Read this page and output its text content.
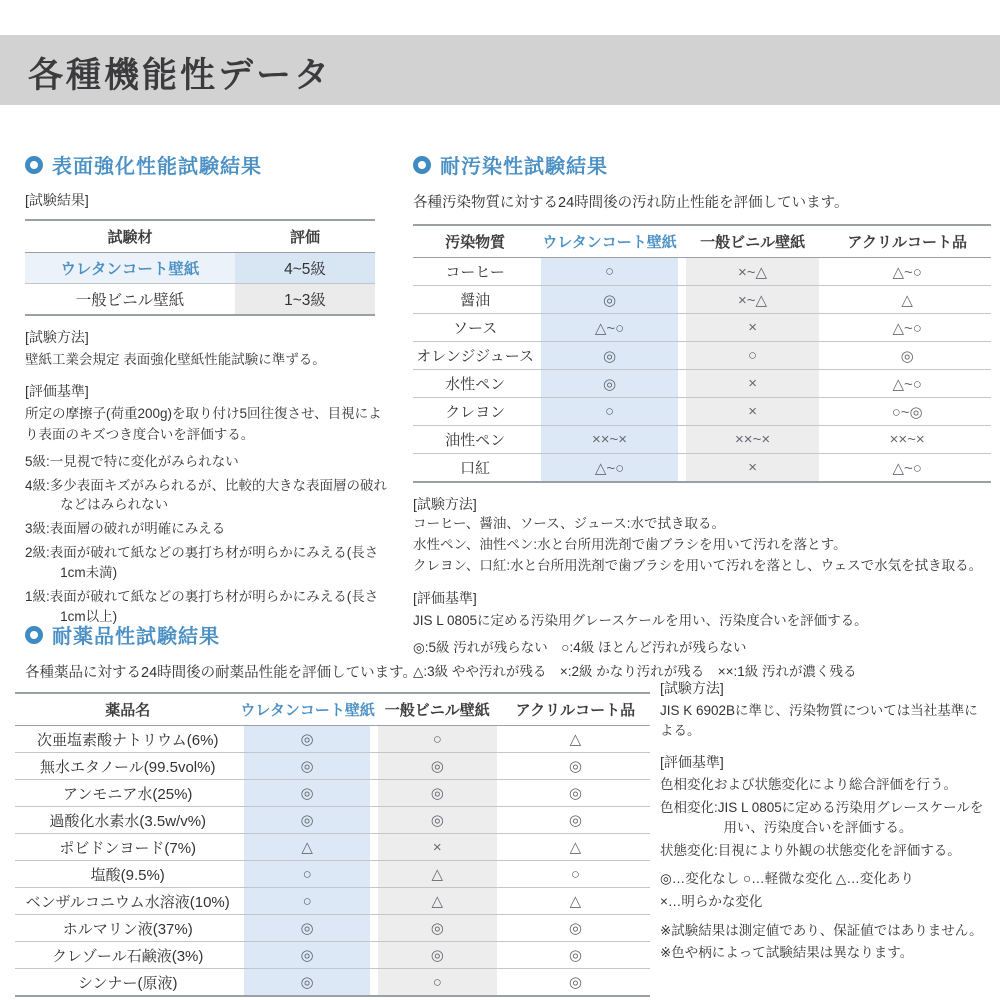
各種機能性データ
表面強化性能試験結果
[試験結果]
試験材	評価
ウレタンコート壁紙	4~5級
一般ビニル壁紙	1~3級
[試験方法]
壁紙工業会規定 表面強化壁紙性能試験に準ずる。
[評価基準]
所定の摩擦子(荷重200g)を取り付け5回往復させ、目視により表面のキズつき度合いを評価する。
5級:一見視で特に変化がみられない
4級:多少表面キズがみられるが、比較的大きな表面層の破れなどはみられない
3級:表面層の破れが明確にみえる
2級:表面が破れて紙などの裏打ち材が明らかにみえる(長さ1cm未満)
1級:表面が破れて紙などの裏打ち材が明らかにみえる(長さ1cm以上)
耐汚染性試験結果
各種汚染物質に対する24時間後の汚れ防止性能を評価しています。
汚染物質	ウレタンコート壁紙	一般ビニル壁紙	アクリルコート品
コーヒー	○	×~△	△~○
醤油	◎	×~△	△
ソース	△~○	×	△~○
オレンジジュース	◎	○	◎
水性ペン	◎	×	△~○
クレヨン	○	×	○~◎
油性ペン	××~×	××~×	××~×
口紅	△~○	×	△~○
[試験方法]
コーヒー、醤油、ソース、ジュース:水で拭き取る。
水性ペン、油性ペン:水と台所用洗剤で歯ブラシを用いて汚れを落とす。
クレヨン、口紅:水と台所用洗剤で歯ブラシを用いて汚れを落とし、ウェスで水気を拭き取る。
[評価基準]
JIS L 0805に定める汚染用グレースケールを用い、汚染度合いを評価する。
◎:5級 汚れが残らない　○:4級 ほとんど汚れが残らない
△:3級 やや汚れが残る　×:2級 かなり汚れが残る　××:1級 汚れが濃く残る
耐薬品性試験結果
各種薬品に対する24時間後の耐薬品性能を評価しています。
薬品名	ウレタンコート壁紙	一般ビニル壁紙	アクリルコート品
次亜塩素酸ナトリウム(6%)	◎	○	△
無水エタノール(99.5vol%)	◎	◎	◎
アンモニア水(25%)	◎	◎	◎
過酸化水素水(3.5w/v%)	◎	◎	◎
ポビドンヨード(7%)	△	×	△
塩酸(9.5%)	○	△	○
ベンザルコニウム水溶液(10%)	○	△	△
ホルマリン液(37%)	◎	◎	◎
クレゾール石鹸液(3%)	◎	◎	◎
シンナー(原液)	◎	○	◎
[試験方法]
JIS K 6902Bに準じ、汚染物質については当社基準による。
[評価基準]
色相変化および状態変化により総合評価を行う。
色相変化:JIS L 0805に定める汚染用グレースケールを用い、汚染度合いを評価する。
状態変化:目視により外観の状態変化を評価する。
◎…変化なし ○…軽微な変化 △…変化あり
×…明らかな変化
※試験結果は測定値であり、保証値ではありません。
※色や柄によって試験結果は異なります。
